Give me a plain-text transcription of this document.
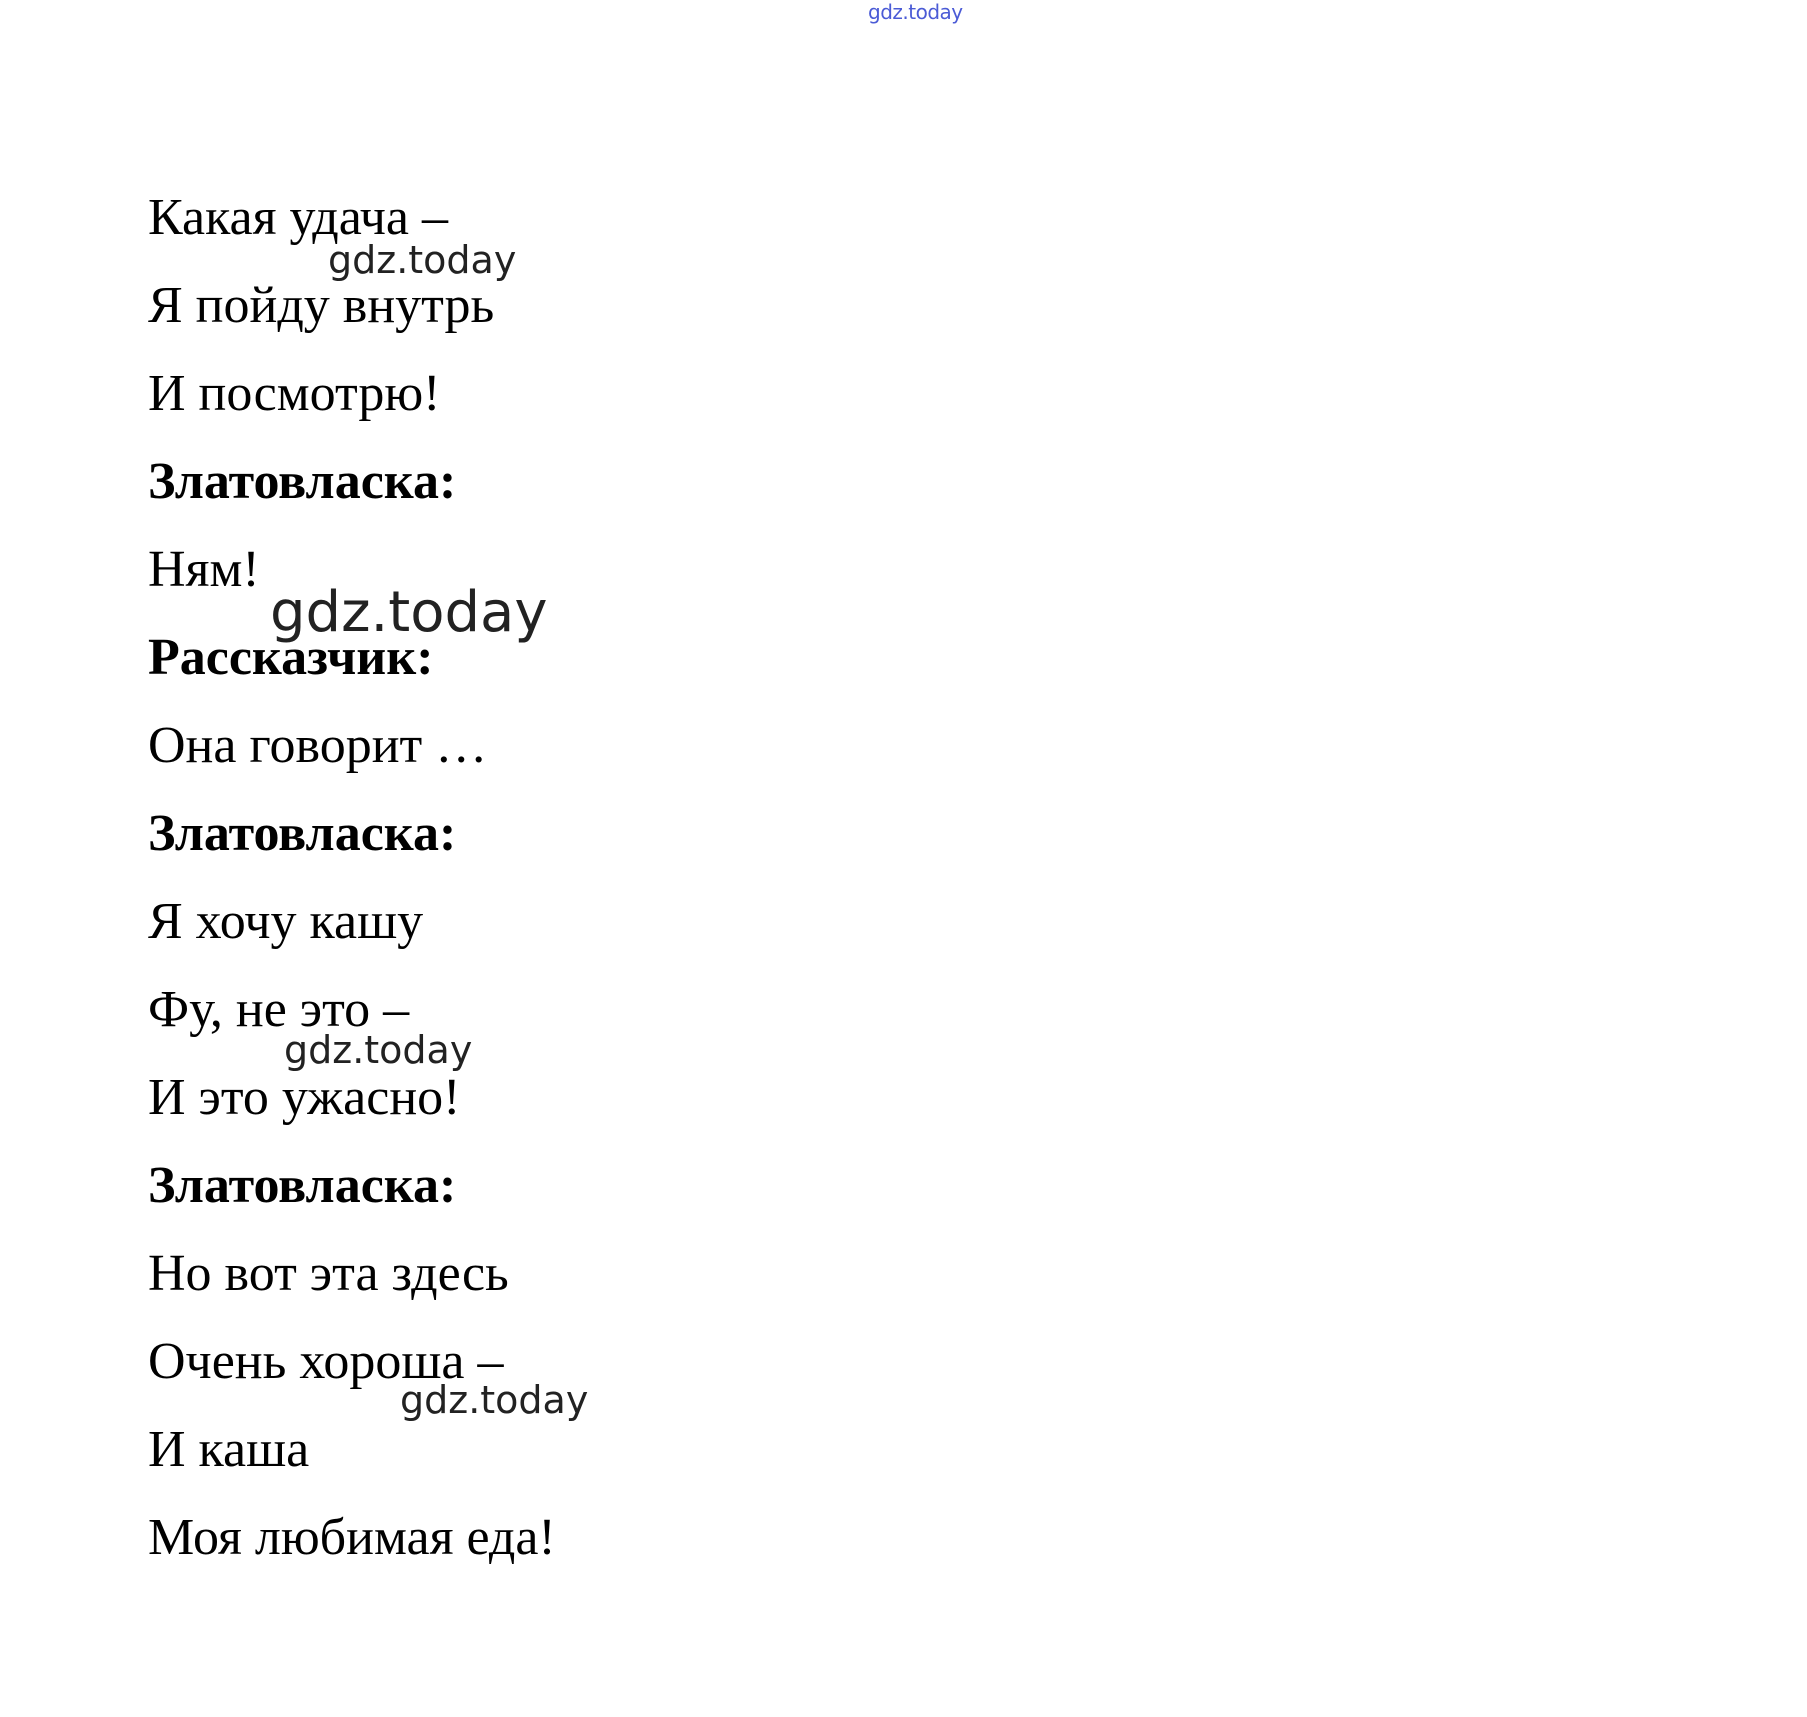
gdz.today
Какая удача –
Я пойду внутрь
И посмотрю!
Златовласка:
Ням!
Рассказчик:
Она говорит …
Златовласка:
Я хочу кашу
Фу, не это –
И это ужасно!
Златовласка:
Но вот эта здесь
Очень хороша –
И каша
Моя любимая еда!
gdz.today
gdz.today
gdz.today
gdz.today
